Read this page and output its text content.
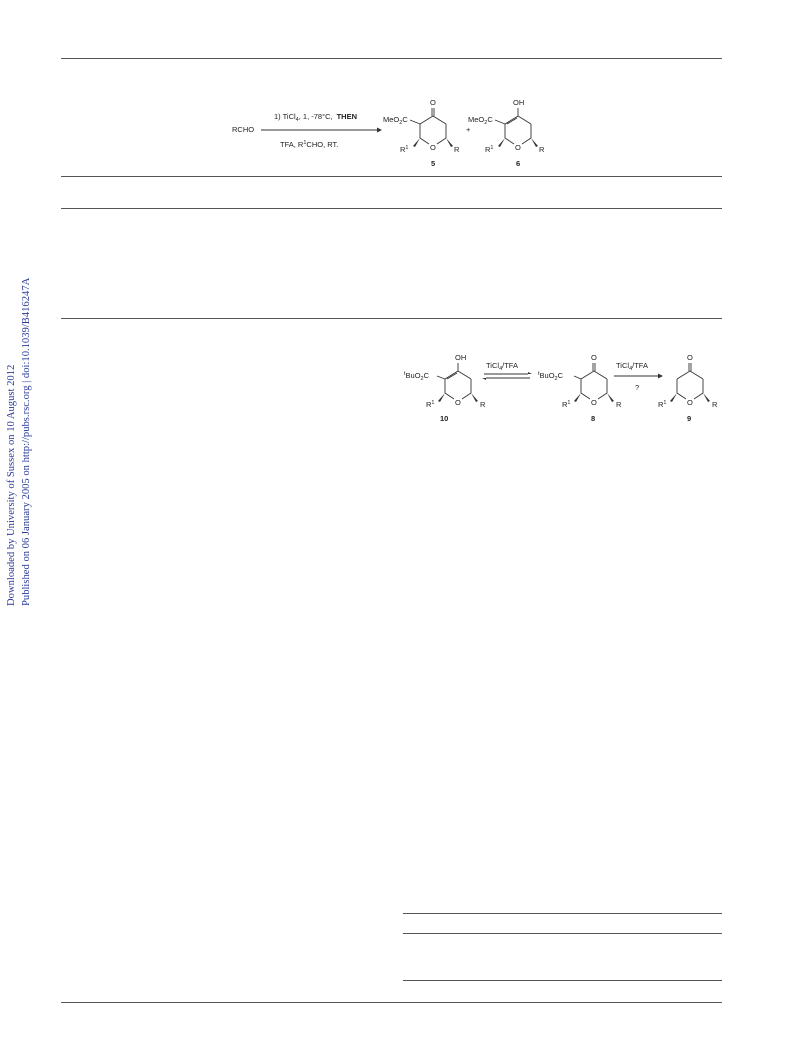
Downloaded by University of Sussex on 10 August 2012 Published on 06 January 2005 on http://pubs.rsc.org | doi:10.1039/B416247A
RCHO
1) TiCl$_4$, 1, -78°C, THEN
TFA, $R^1CHO$, RT.
MeO$_2$C
O
O R
$R^1$
5
+
MeO$_2$C
OH
O R
$R^1$
6
$^t$BuO$_2$C
OH
O	R
$R^1$
10
TiCl$_4$/TFA
$^t$BuO$_2$C
O
O	R
$R^1$
8
TiCl$_4$/TFA
?
O
O	R
$R^1$
9
